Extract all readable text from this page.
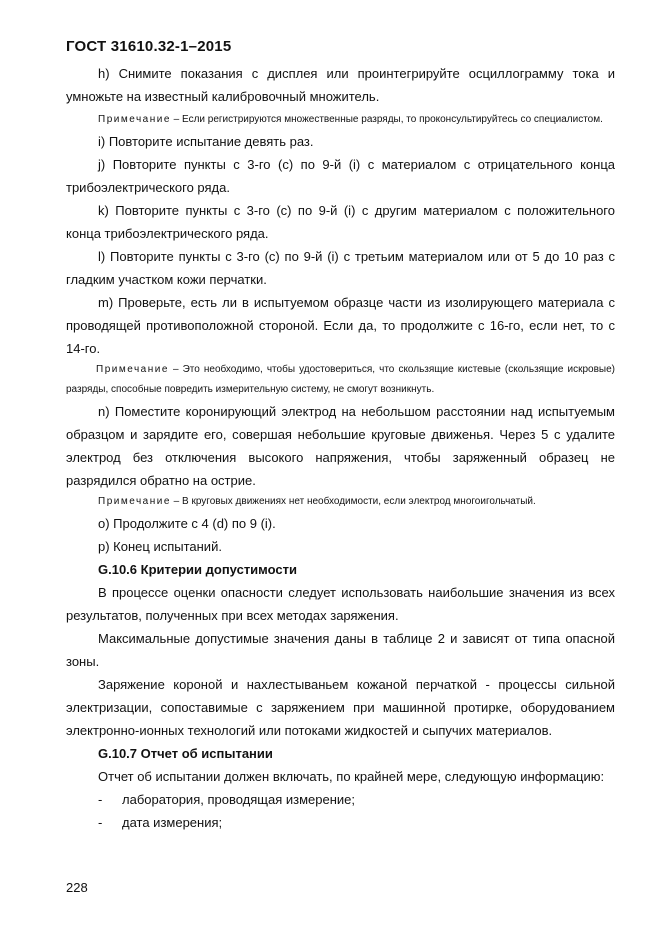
ГОСТ 31610.32-1–2015

h) Снимите показания с дисплея или проинтегрируйте осциллограмму тока и умножьте на известный калибровочный множитель.

Примечание – Если регистрируются множественные разряды, то проконсультируйтесь со специалистом.

i) Повторите испытание девять раз.

j) Повторите пункты с 3-го (c) по 9-й (i) с материалом с отрицательного конца трибоэлектрического ряда.

k) Повторите пункты с 3-го (c) по 9-й (i) с другим материалом с положительного конца трибоэлектрического ряда.

l) Повторите пункты с 3-го (c) по 9-й (i) с третьим материалом или от 5 до 10 раз с гладким участком кожи перчатки.

m) Проверьте, есть ли в испытуемом образце части из изолирующего материала с проводящей противоположной стороной. Если да, то продолжите с 16-го, если нет, то с 14-го.

Примечание – Это необходимо, чтобы удостовериться, что скользящие кистевые (скользящие искровые) разряды, способные повредить измерительную систему, не смогут возникнуть.

n) Поместите коронирующий электрод на небольшом расстоянии над испытуемым образцом и зарядите его, совершая небольшие круговые движенья. Через 5 с удалите электрод без отключения высокого напряжения, чтобы заряженный образец не разрядился обратно на острие.

Примечание – В круговых движениях нет необходимости, если электрод многоигольчатый.

o) Продолжите с 4 (d) по 9 (i).

p) Конец испытаний.

G.10.6 Критерии допустимости

В процессе оценки опасности следует использовать наибольшие значения из всех результатов, полученных при всех методах заряжения.

Максимальные допустимые значения даны в таблице 2 и зависят от типа опасной зоны.

Заряжение короной и нахлестываньем кожаной перчаткой - процессы сильной электризации, сопоставимые с заряжением при машинной протирке, оборудованием электронно-ионных технологий или потоками жидкостей и сыпучих материалов.

G.10.7 Отчет об испытании

Отчет об испытании должен включать, по крайней мере, следующую информацию:

-	лаборатория, проводящая измерение;
-	дата измерения;
228
